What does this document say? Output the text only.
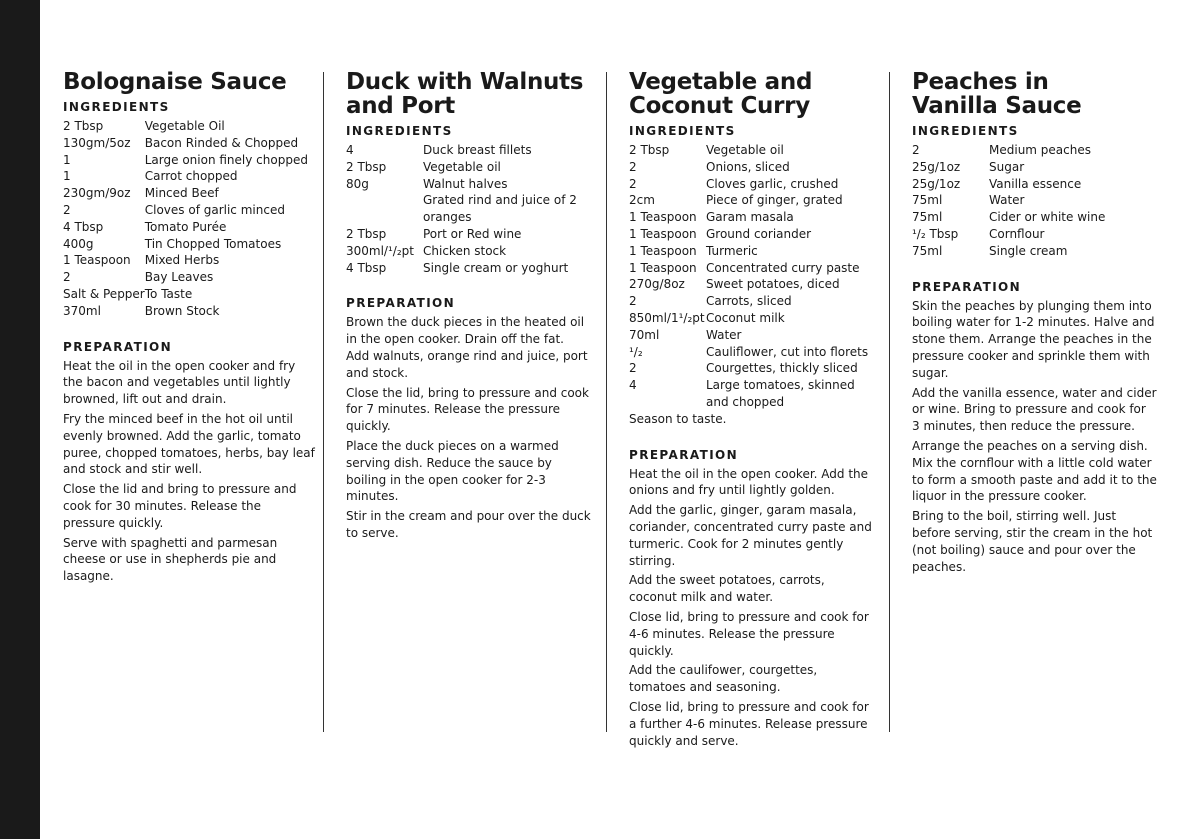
Bolognaise Sauce
INGREDIENTS
2 Tbsp	Vegetable Oil
130gm/5oz	Bacon Rinded & Chopped
1	Large onion finely chopped
1	Carrot chopped
230gm/9oz	Minced Beef
2	Cloves of garlic minced
4 Tbsp	Tomato Purée
400g	Tin Chopped Tomatoes
1 Teaspoon	Mixed Herbs
2	Bay Leaves
Salt & Pepper	To Taste
370ml	Brown Stock
PREPARATION

Heat the oil in the open cooker and fry the bacon and vegetables until lightly browned, lift out and drain.

Fry the minced beef in the hot oil until evenly browned. Add the garlic, tomato puree, chopped tomatoes, herbs, bay leaf and stock and stir well.

Close the lid and bring to pressure and cook for 30 minutes. Release the pressure quickly.

Serve with spaghetti and parmesan cheese or use in shepherds pie and lasagne.

Duck with Walnuts
and Port
INGREDIENTS
4	Duck breast fillets
2 Tbsp	Vegetable oil
80g	Walnut halves
	Grated rind and juice of 2 oranges
2 Tbsp	Port or Red wine
300ml/¹/₂pt	Chicken stock
4 Tbsp	Single cream or yoghurt
PREPARATION

Brown the duck pieces in the heated oil in the open cooker. Drain off the fat. Add walnuts, orange rind and juice, port and stock.

Close the lid, bring to pressure and cook for 7 minutes. Release the pressure quickly.

Place the duck pieces on a warmed serving dish. Reduce the sauce by boiling in the open cooker for 2-3 minutes.

Stir in the cream and pour over the duck to serve.

Vegetable and
Coconut Curry
INGREDIENTS
2 Tbsp	Vegetable oil
2	Onions, sliced
2	Cloves garlic, crushed
2cm	Piece of ginger, grated
1 Teaspoon	Garam masala
1 Teaspoon	Ground coriander
1 Teaspoon	Turmeric
1 Teaspoon	Concentrated curry paste
270g/8oz	Sweet potatoes, diced
2	Carrots, sliced
850ml/1¹/₂pt	Coconut milk
70ml	Water
¹/₂	Cauliflower, cut into florets
2	Courgettes, thickly sliced
4	Large tomatoes, skinned and chopped
Season to taste.
PREPARATION

Heat the oil in the open cooker. Add the onions and fry until lightly golden.

Add the garlic, ginger, garam masala, coriander, concentrated curry paste and turmeric. Cook for 2 minutes gently stirring.

Add the sweet potatoes, carrots, coconut milk and water.

Close lid, bring to pressure and cook for 4-6 minutes. Release the pressure quickly.

Add the caulifower, courgettes, tomatoes and seasoning.

Close lid, bring to pressure and cook for a further 4-6 minutes. Release pressure quickly and serve.

Peaches in
Vanilla Sauce
INGREDIENTS
2	Medium peaches
25g/1oz	Sugar
25g/1oz	Vanilla essence
75ml	Water
75ml	Cider or white wine
¹/₂ Tbsp	Cornflour
75ml	Single cream
PREPARATION

Skin the peaches by plunging them into boiling water for 1-2 minutes. Halve and stone them. Arrange the peaches in the pressure cooker and sprinkle them with sugar.

Add the vanilla essence, water and cider or wine. Bring to pressure and cook for 3 minutes, then reduce the pressure.

Arrange the peaches on a serving dish. Mix the cornflour with a little cold water to form a smooth paste and add it to the liquor in the pressure cooker.

Bring to the boil, stirring well. Just before serving, stir the cream in the hot (not boiling) sauce and pour over the peaches.
